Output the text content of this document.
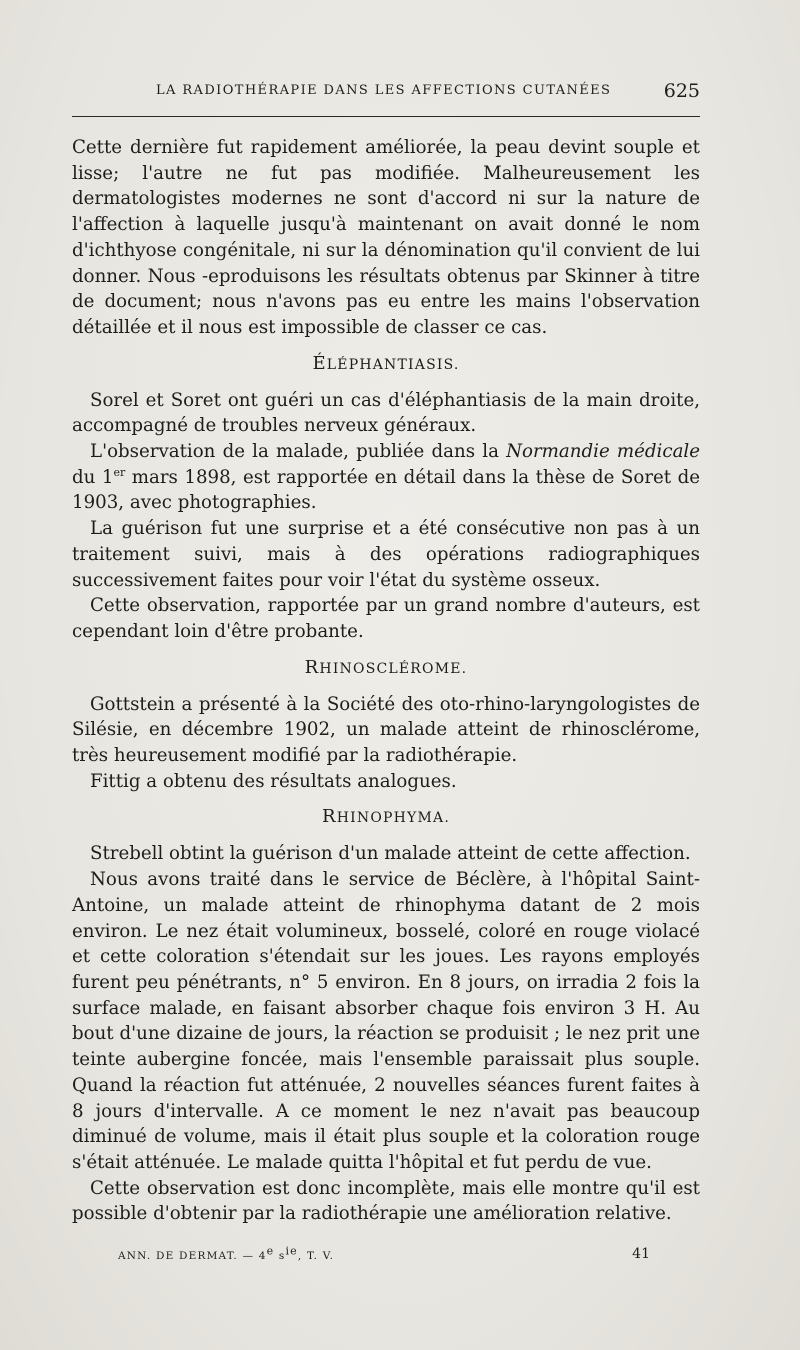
LA RADIOTHÉRAPIE DANS LES AFFECTIONS CUTANÉES	625

Cette dernière fut rapidement améliorée, la peau devint souple et lisse; l'autre ne fut pas modifiée. Malheureusement les dermatologistes modernes ne sont d'accord ni sur la nature de l'affection à laquelle jusqu'à maintenant on avait donné le nom d'ichthyose congénitale, ni sur la dénomination qu'il convient de lui donner. Nous ‑eproduisons les résultats obtenus par Skinner à titre de document; nous n'avons pas eu entre les mains l'observation détaillée et il nous est impossible de classer ce cas.

ÉLÉPHANTIASIS.

Sorel et Soret ont guéri un cas d'éléphantiasis de la main droite, accompagné de troubles nerveux généraux.

L'observation de la malade, publiée dans la Normandie médicale du 1er mars 1898, est rapportée en détail dans la thèse de Soret de 1903, avec photographies.

La guérison fut une surprise et a été consécutive non pas à un traitement suivi, mais à des opérations radiographiques successivement faites pour voir l'état du système osseux.

Cette observation, rapportée par un grand nombre d'auteurs, est cependant loin d'être probante.

RHINOSCLÉROME.

Gottstein a présenté à la Société des oto-rhino-laryngologistes de Silésie, en décembre 1902, un malade atteint de rhinosclérome, très heureusement modifié par la radiothérapie.

Fittig a obtenu des résultats analogues.

RHINOPHYMA.

Strebell obtint la guérison d'un malade atteint de cette affection.

Nous avons traité dans le service de Béclère, à l'hôpital Saint-Antoine, un malade atteint de rhinophyma datant de 2 mois environ. Le nez était volumineux, bosselé, coloré en rouge violacé et cette coloration s'étendait sur les joues. Les rayons employés furent peu pénétrants, n° 5 environ. En 8 jours, on irradia 2 fois la surface malade, en faisant absorber chaque fois environ 3 H. Au bout d'une dizaine de jours, la réaction se produisit ; le nez prit une teinte aubergine foncée, mais l'ensemble paraissait plus souple. Quand la réaction fut atténuée, 2 nouvelles séances furent faites à 8 jours d'intervalle. A ce moment le nez n'avait pas beaucoup diminué de volume, mais il était plus souple et la coloration rouge s'était atténuée. Le malade quitta l'hôpital et fut perdu de vue.

Cette observation est donc incomplète, mais elle montre qu'il est possible d'obtenir par la radiothérapie une amélioration relative.

ANN. DE DERMAT. — 4e $s^{ie}$, T. V.	41
